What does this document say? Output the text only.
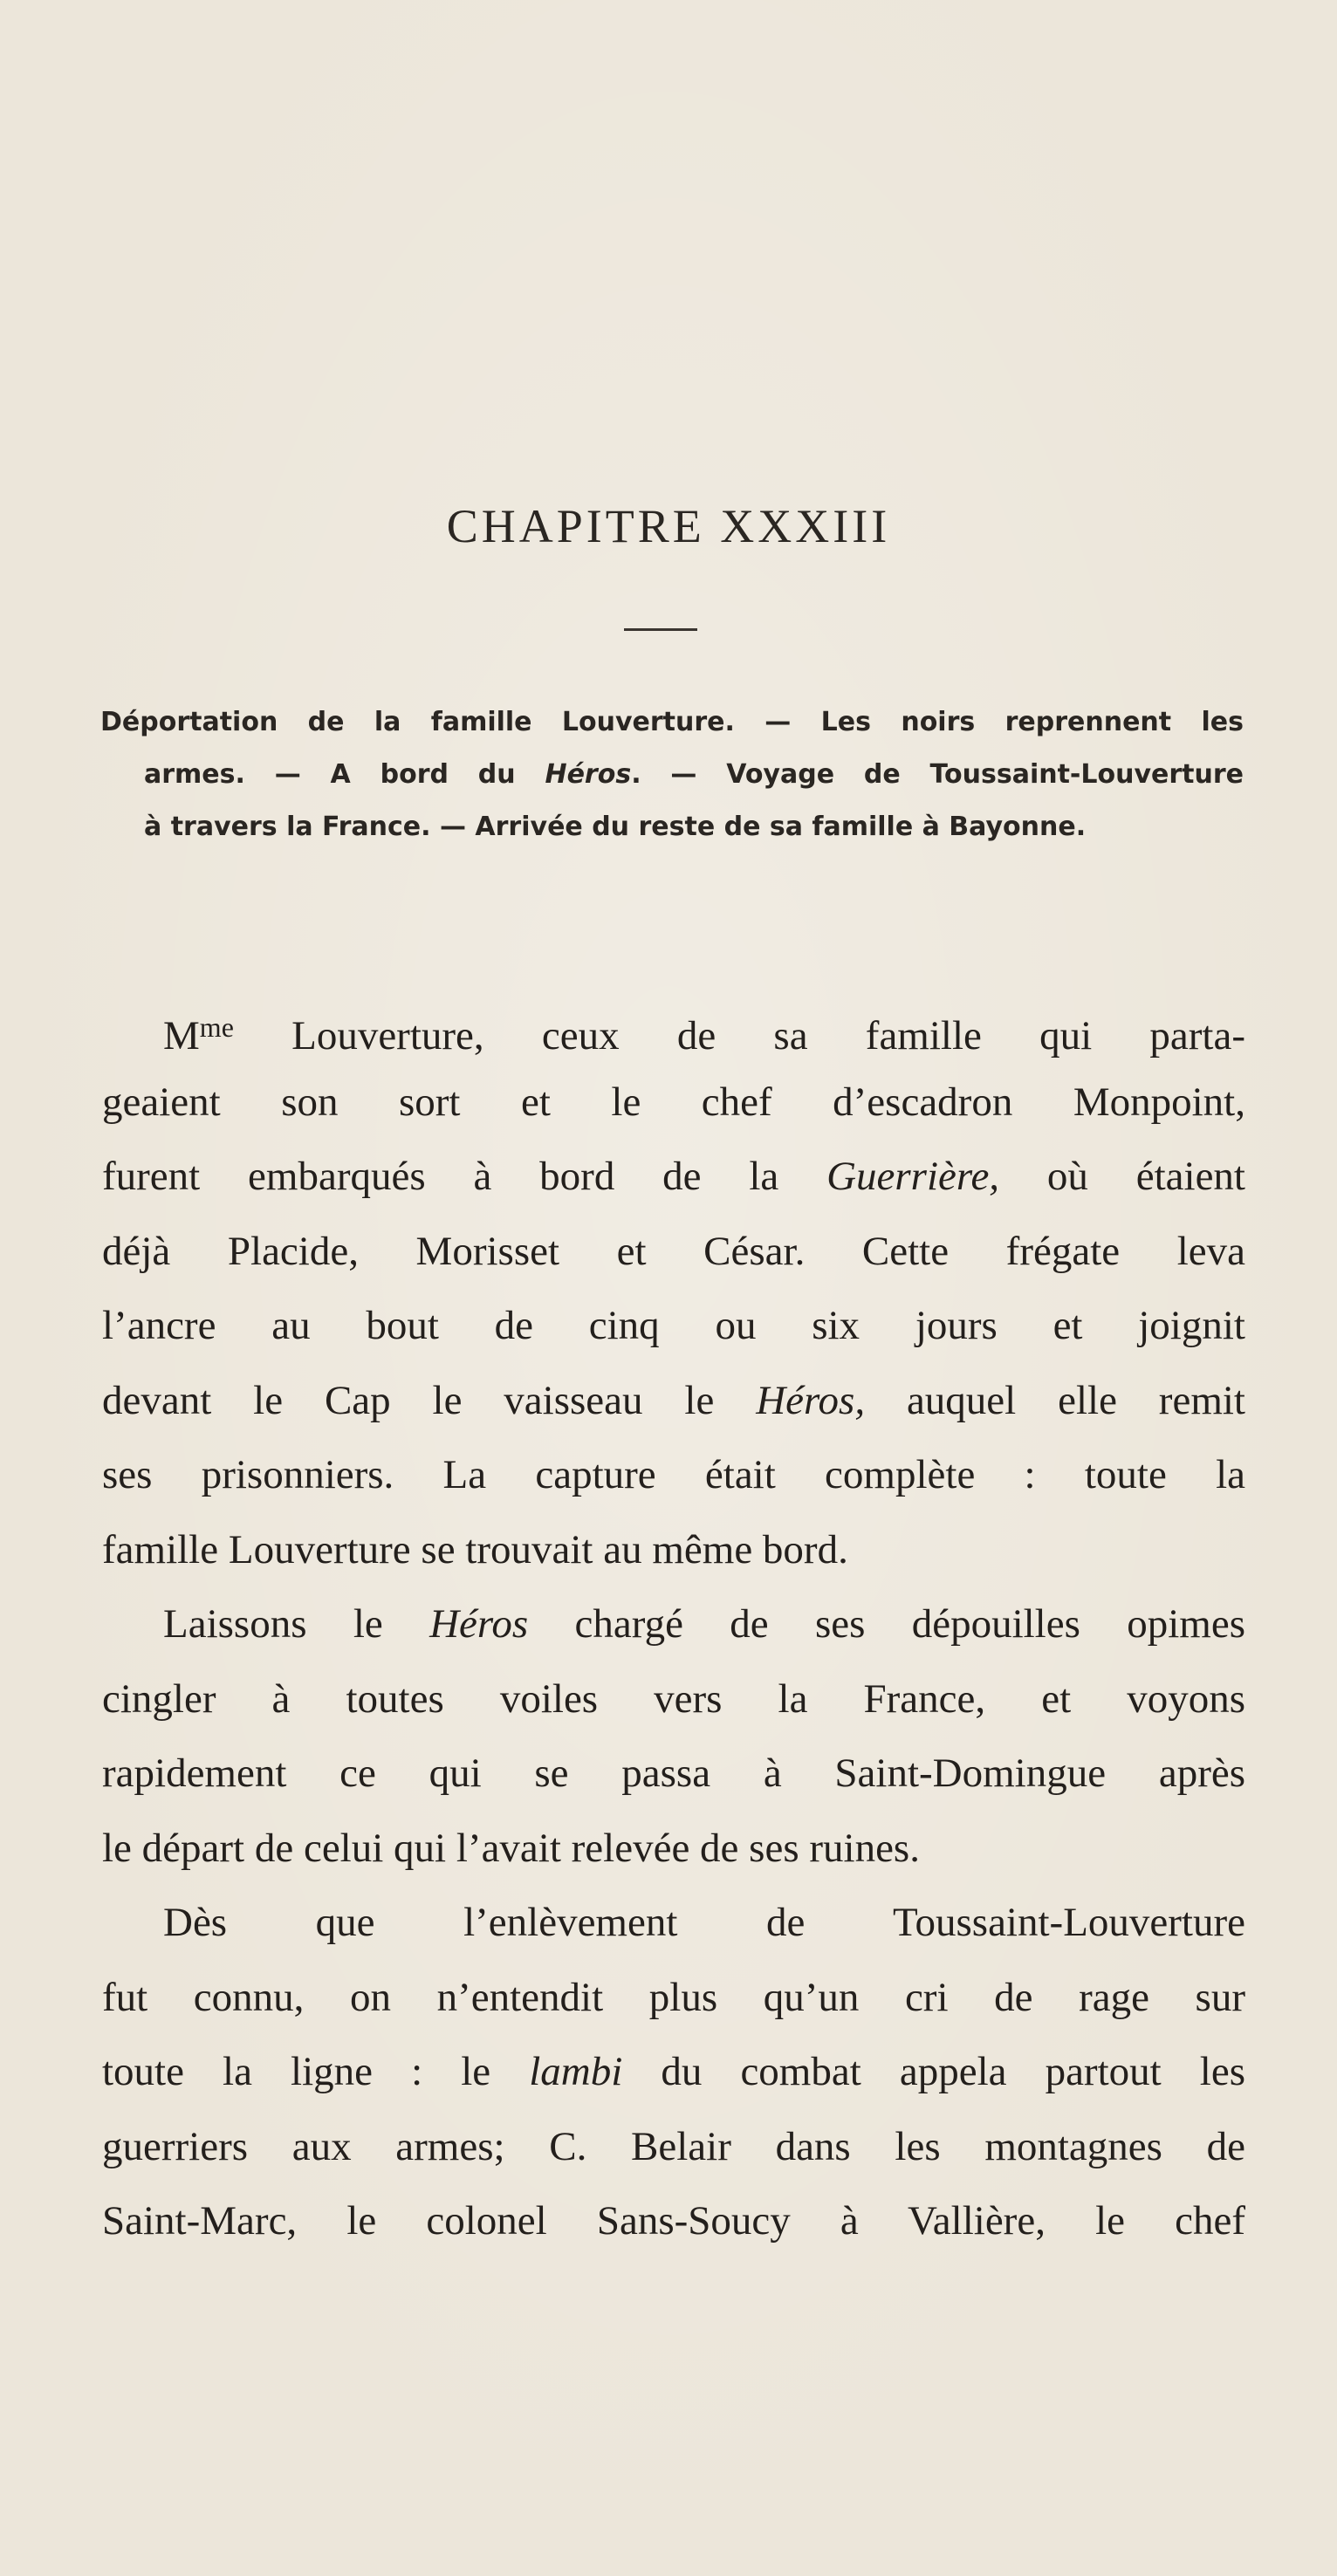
CHAPITRE XXXIII
Déportation de la famille Louverture. — Les noirs reprennent les
armes. — A bord du Héros. — Voyage de Toussaint-Louverture
à travers la France. — Arrivée du reste de sa famille à Bayonne.
$M^{me}$ Louverture, ceux de sa famille qui parta-
geaient son sort et le chef d’escadron Monpoint,
furent embarqués à bord de la Guerrière, où étaient
déjà Placide, Morisset et César. Cette frégate leva
l’ancre au bout de cinq ou six jours et joignit
devant le Cap le vaisseau le Héros, auquel elle remit
ses prisonniers. La capture était complète : toute la
famille Louverture se trouvait au même bord.
Laissons le Héros chargé de ses dépouilles opimes
cingler à toutes voiles vers la France, et voyons
rapidement ce qui se passa à Saint-Domingue après
le départ de celui qui l’avait relevée de ses ruines.
Dès que l’enlèvement de Toussaint-Louverture
fut connu, on n’entendit plus qu’un cri de rage sur
toute la ligne : le lambi du combat appela partout les
guerriers aux armes; C. Belair dans les montagnes de
Saint-Marc, le colonel Sans-Soucy à Vallière, le chef
